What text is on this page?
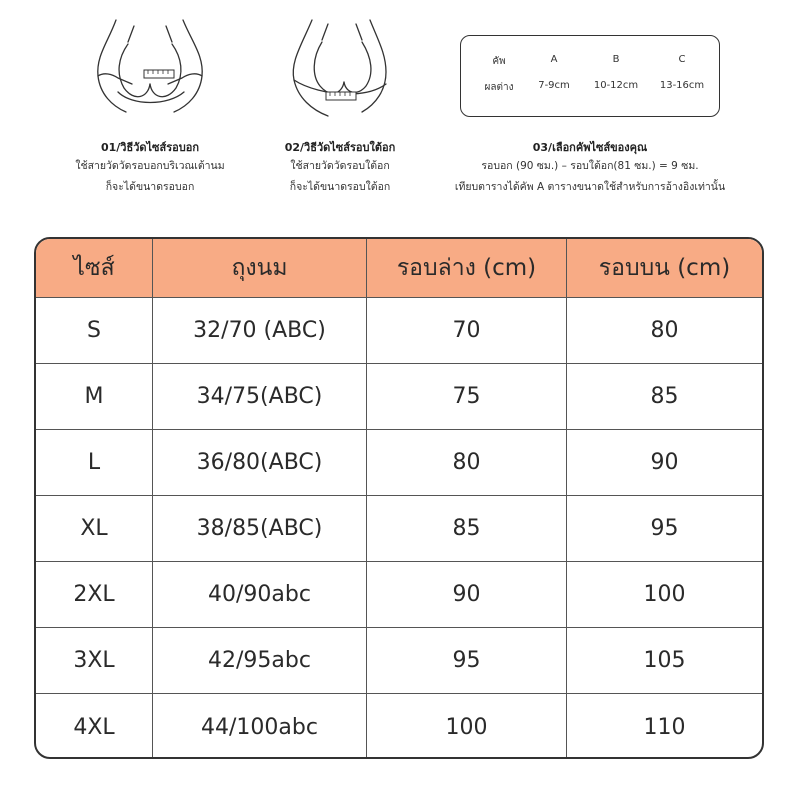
คัพ	A	B	C
ผลต่าง	7-9cm	10-12cm	13-16cm
01/วิธีวัดไซส์รอบอก
ใช้สายวัดวัดรอบอกบริเวณเต้านม
ก็จะได้ขนาดรอบอก
02/วิธีวัดไซส์รอบใต้อก
ใช้สายวัดวัดรอบใต้อก
ก็จะได้ขนาดรอบใต้อก
03/เลือกคัพไซส์ของคุณ
รอบอก (90 ซม.) – รอบใต้อก(81 ซม.) = 9 ซม.
เทียบตารางได้คัพ A ตารางขนาดใช้สำหรับการอ้างอิงเท่านั้น
ไซส์	ถุงนม	รอบล่าง (cm)	รอบบน (cm)
S	32/70 (ABC)	70	80
M	34/75(ABC)	75	85
L	36/80(ABC)	80	90
XL	38/85(ABC)	85	95
2XL	40/90abc	90	100
3XL	42/95abc	95	105
4XL	44/100abc	100	110
